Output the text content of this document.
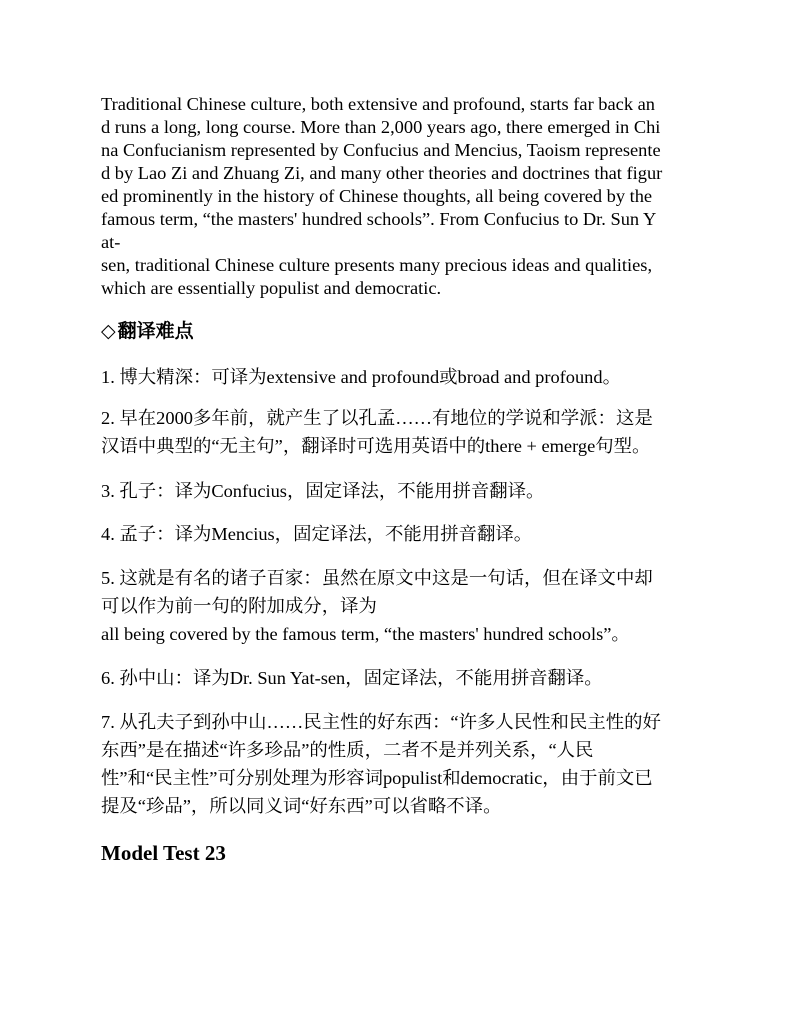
Traditional Chinese culture, both extensive and profound, starts far back an
d runs a long, long course. More than 2,000 years ago, there emerged in Chi
na Confucianism represented by Confucius and Mencius, Taoism represente
d by Lao Zi and Zhuang Zi, and many other theories and doctrines that figur
ed prominently in the history of Chinese thoughts, all being covered by the
famous term, “the masters' hundred schools”. From Confucius to Dr. Sun Y
at-
sen, traditional Chinese culture presents many precious ideas and qualities,
which are essentially populist and democratic.

◇ 翻译难点

1. 博大精深：可译为extensive and profound或broad and profound。

2. 早在2000多年前，就产生了以孔孟……有地位的学说和学派：这是
汉语中典型的“无主句”，翻译时可选用英语中的there + emerge句型。

3. 孔子：译为Confucius，固定译法，不能用拼音翻译。

4. 孟子：译为Mencius，固定译法，不能用拼音翻译。

5. 这就是有名的诸子百家：虽然在原文中这是一句话，但在译文中却
可以作为前一句的附加成分，译为
all being covered by the famous term, “the masters' hundred schools”。

6. 孙中山：译为Dr. Sun Yat-sen，固定译法，不能用拼音翻译。

7. 从孔夫子到孙中山……民主性的好东西：“许多人民性和民主性的好
东西”是在描述“许多珍品”的性质，二者不是并列关系，“人民
性”和“民主性”可分别处理为形容词populist和democratic，由于前文已
提及“珍品”，所以同义词“好东西”可以省略不译。

Model Test 23
